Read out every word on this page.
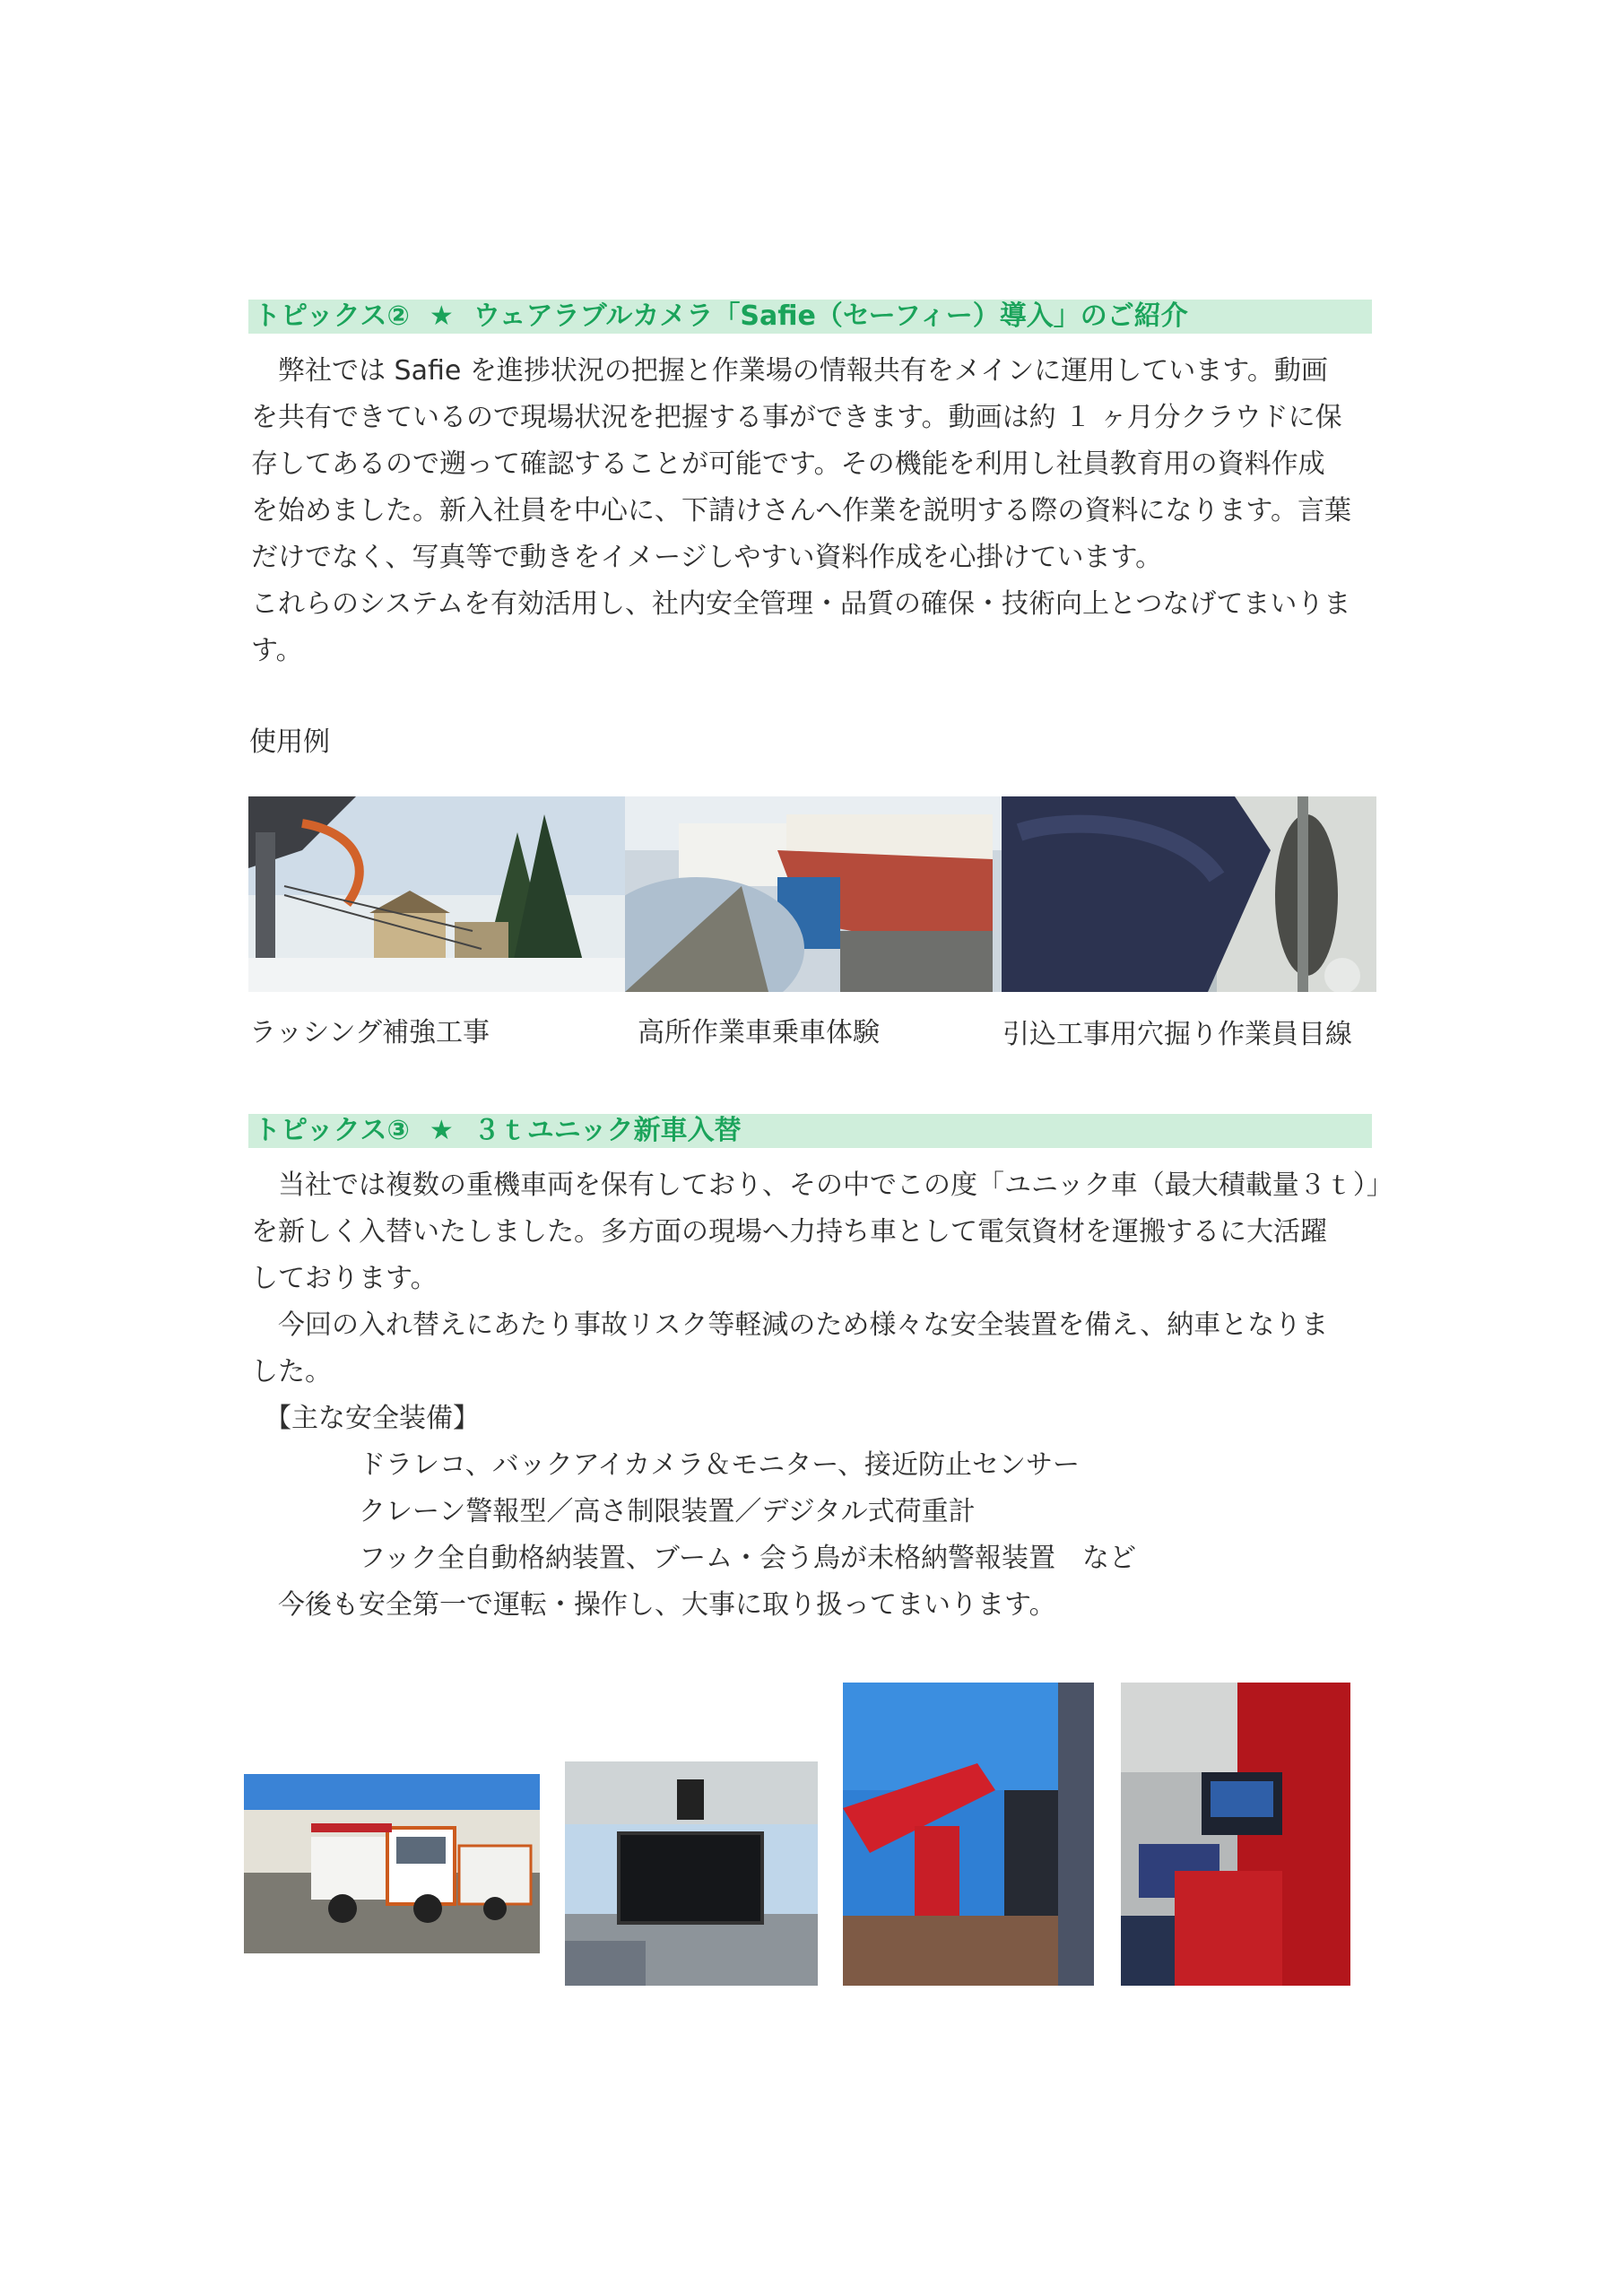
トピックス② ★ ウェアラブルカメラ「Safie（セーフィー）導入」のご紹介
　弊社では Safie を進捗状況の把握と作業場の情報共有をメインに運用しています。動画
を共有できているので現場状況を把握する事ができます。動画は約 １ ヶ月分クラウドに保
存してあるので遡って確認することが可能です。その機能を利用し社員教育用の資料作成
を始めました。新入社員を中心に、下請けさんへ作業を説明する際の資料になります。言葉
だけでなく、写真等で動きをイメージしやすい資料作成を心掛けています。
これらのシステムを有効活用し、社内安全管理・品質の確保・技術向上とつなげてまいりま
す。
使用例
ラッシング補強工事	高所作業車乗車体験	引込工事用穴掘り作業員目線
トピックス③ ★ ３ｔユニック新車入替
　当社では複数の重機車両を保有しており、その中でこの度「ユニック車（最大積載量３ｔ）」
を新しく入替いたしました。多方面の現場へ力持ち車として電気資材を運搬するに大活躍
しております。
　今回の入れ替えにあたり事故リスク等軽減のため様々な安全装置を備え、納車となりま
した。
　【主な安全装備】
　　　　ドラレコ、バックアイカメラ＆モニター、接近防止センサー
　　　　クレーン警報型／高さ制限装置／デジタル式荷重計
　　　　フック全自動格納装置、ブーム・会う鳥が未格納警報装置　など
　今後も安全第一で運転・操作し、大事に取り扱ってまいります。
